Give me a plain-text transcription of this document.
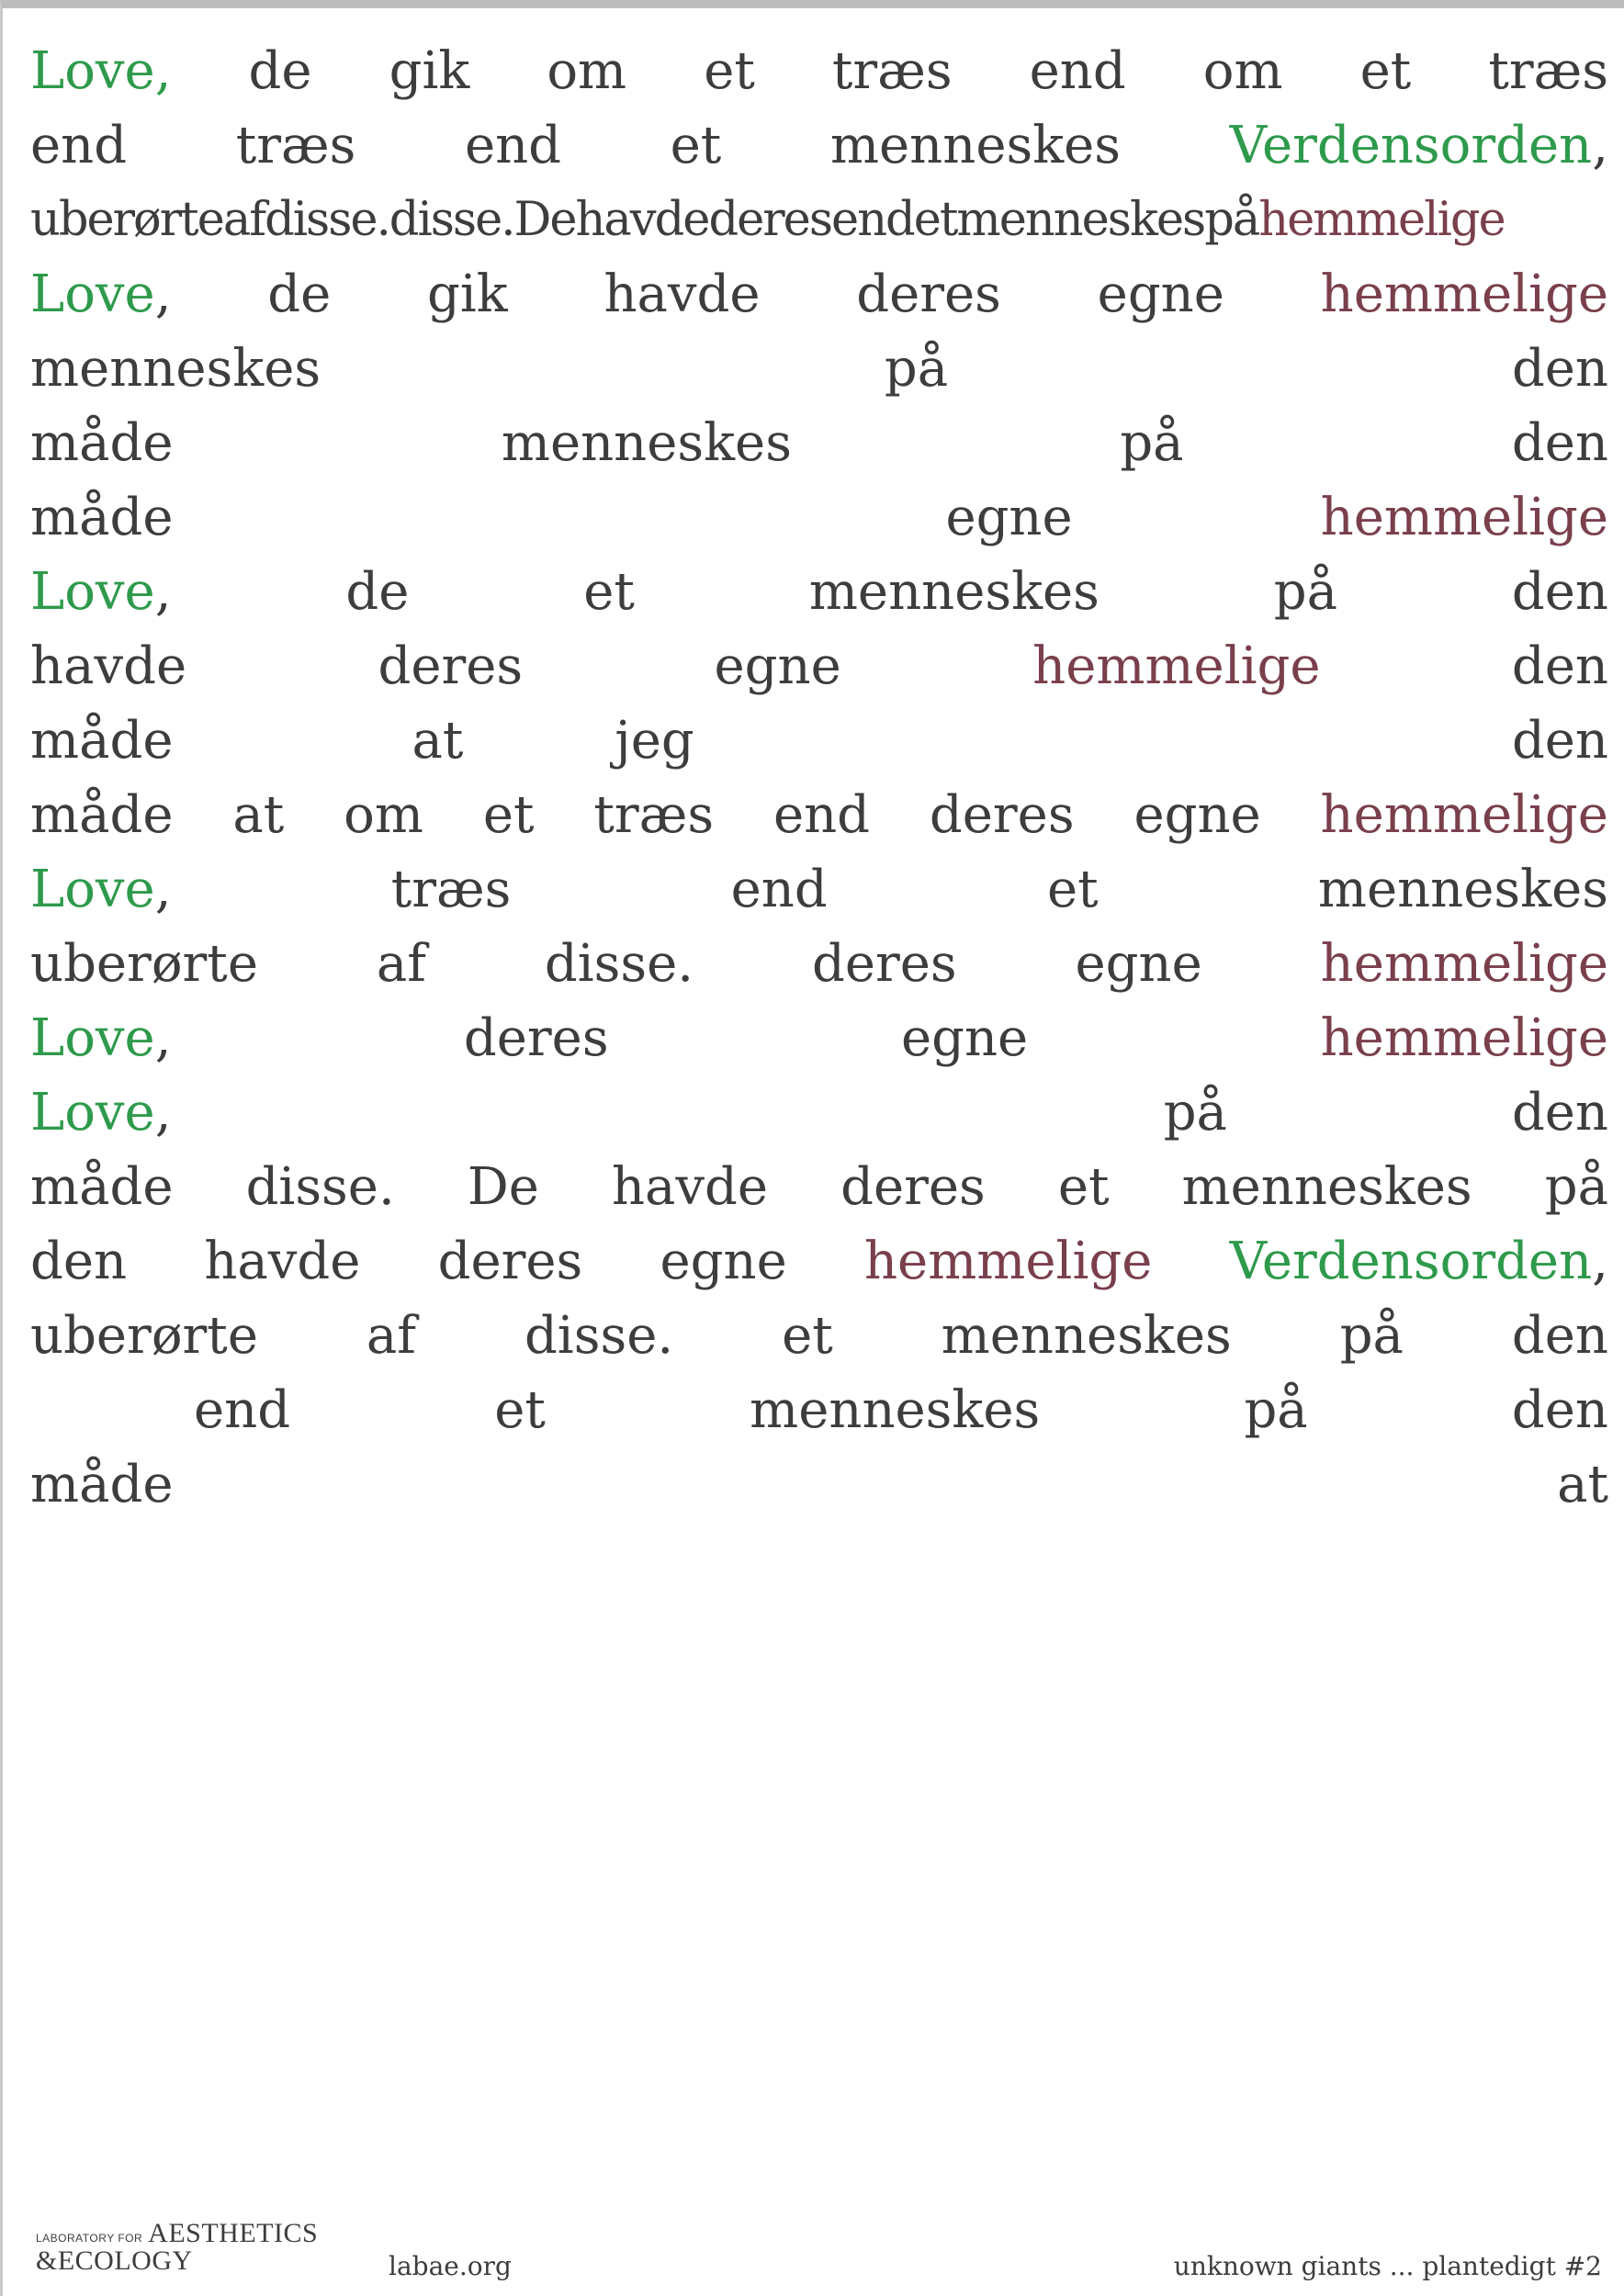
Love, de gik om et træs end om et træs
end træs end et menneskes Verdensorden,
uberørteafdisse.disse.Dehavdederesendetmenneskespå hemmelige
Love, de gik havde deres egne hemmelige
menneskes	på	den
måde	menneskes	på	den
måde	egne	hemmelige
Love,	de	et	menneskes	på	den
havde	deres	egne	hemmelige	den
måde	at	jeg	den
måde at om et træs end deres egne hemmelige
Love,	træs	end	et	menneskes
uberørte af disse. deres egne hemmelige
Love,	deres	egne	hemmelige
Love,	på	den
måde disse. De havde deres et menneskes på
den havde deres egne hemmelige Verdensorden,
uberørte af disse. et menneskes på den
end	et	menneskes	på	den
måde	at
LABORATORY FOR AESTHETICS
&ECOLOGY	labae.org	unknown giants ... plantedigt #2
